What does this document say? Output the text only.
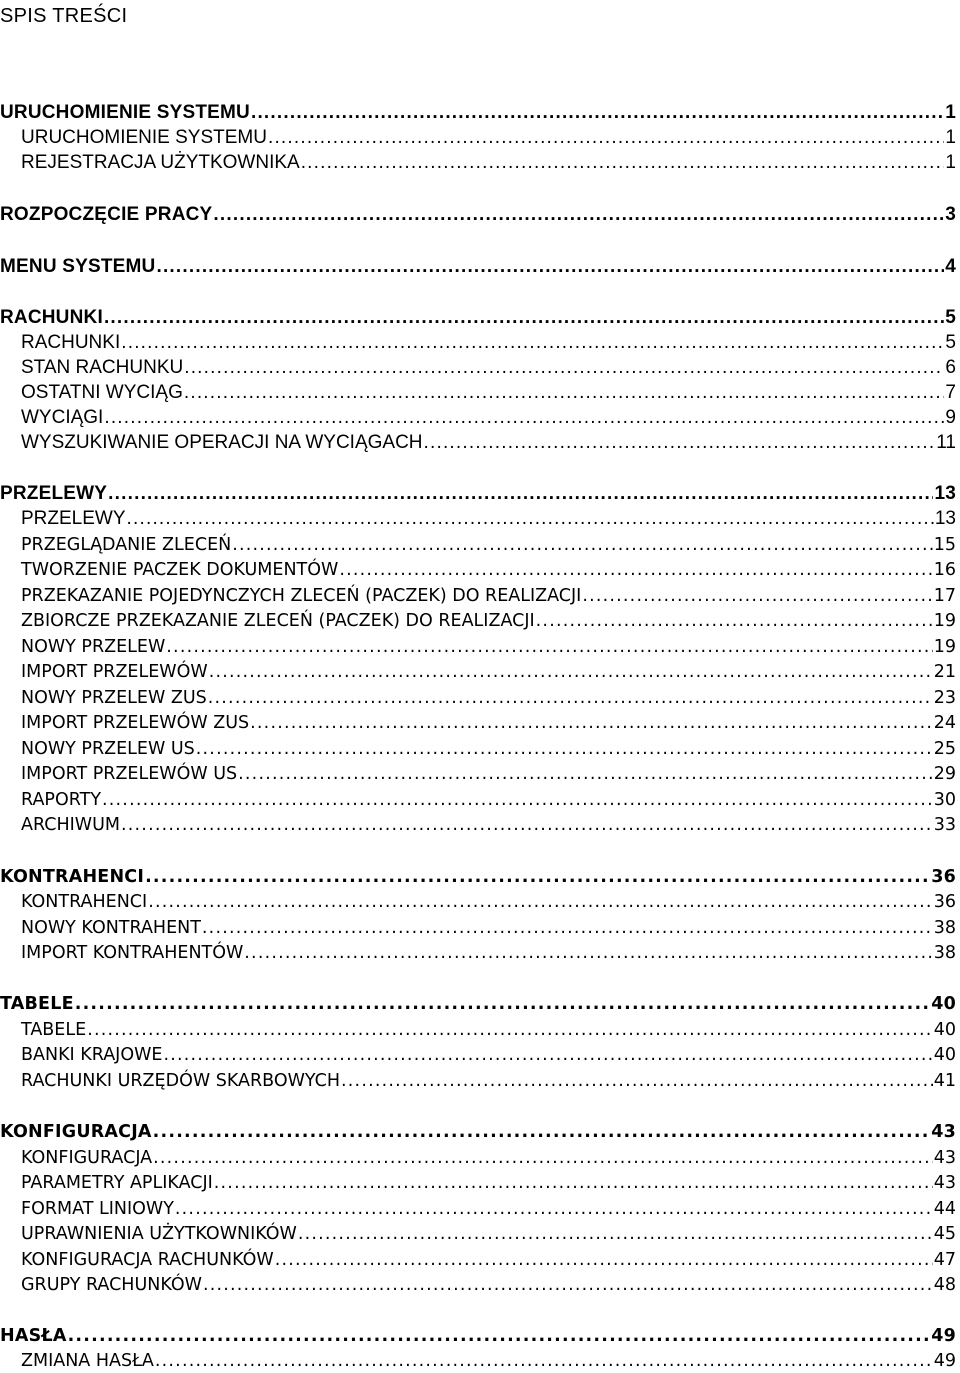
SPIS TREŚCI
URUCHOMIENIE SYSTEMU .....	1
URUCHOMIENIE SYSTEMU .....	1
REJESTRACJA UŻYTKOWNIKA .....	1
ROZPOCZĘCIE PRACY .....	3
MENU SYSTEMU .....	4
RACHUNKI .....	5
RACHUNKI .....	5
STAN RACHUNKU .....	6
OSTATNI WYCIĄG .....	7
WYCIĄGI .....	9
WYSZUKIWANIE OPERACJI NA WYCIĄGACH .....	11
PRZELEWY .....	13
PRZELEWY .....	13
PRZEGLĄDANIE ZLECEŃ .....	15
TWORZENIE PACZEK DOKUMENTÓW .....	16
PRZEKAZANIE POJEDYNCZYCH ZLECEŃ (PACZEK) DO REALIZACJI .....	17
ZBIORCZE PRZEKAZANIE ZLECEŃ (PACZEK) DO REALIZACJI .....	19
NOWY PRZELEW .....	19
IMPORT PRZELEWÓW .....	21
NOWY PRZELEW ZUS .....	23
IMPORT PRZELEWÓW ZUS .....	24
NOWY PRZELEW US .....	25
IMPORT PRZELEWÓW US .....	29
RAPORTY .....	30
ARCHIWUM .....	33
KONTRAHENCI .....	36
KONTRAHENCI .....	36
NOWY KONTRAHENT .....	38
IMPORT KONTRAHENTÓW .....	38
TABELE .....	40
TABELE .....	40
BANKI KRAJOWE .....	40
RACHUNKI URZĘDÓW SKARBOWYCH .....	41
KONFIGURACJA .....	43
KONFIGURACJA .....	43
PARAMETRY APLIKACJI .....	43
FORMAT LINIOWY .....	44
UPRAWNIENIA UŻYTKOWNIKÓW .....	45
KONFIGURACJA RACHUNKÓW .....	47
GRUPY RACHUNKÓW .....	48
HASŁA .....	49
ZMIANA HASŁA .....	49
